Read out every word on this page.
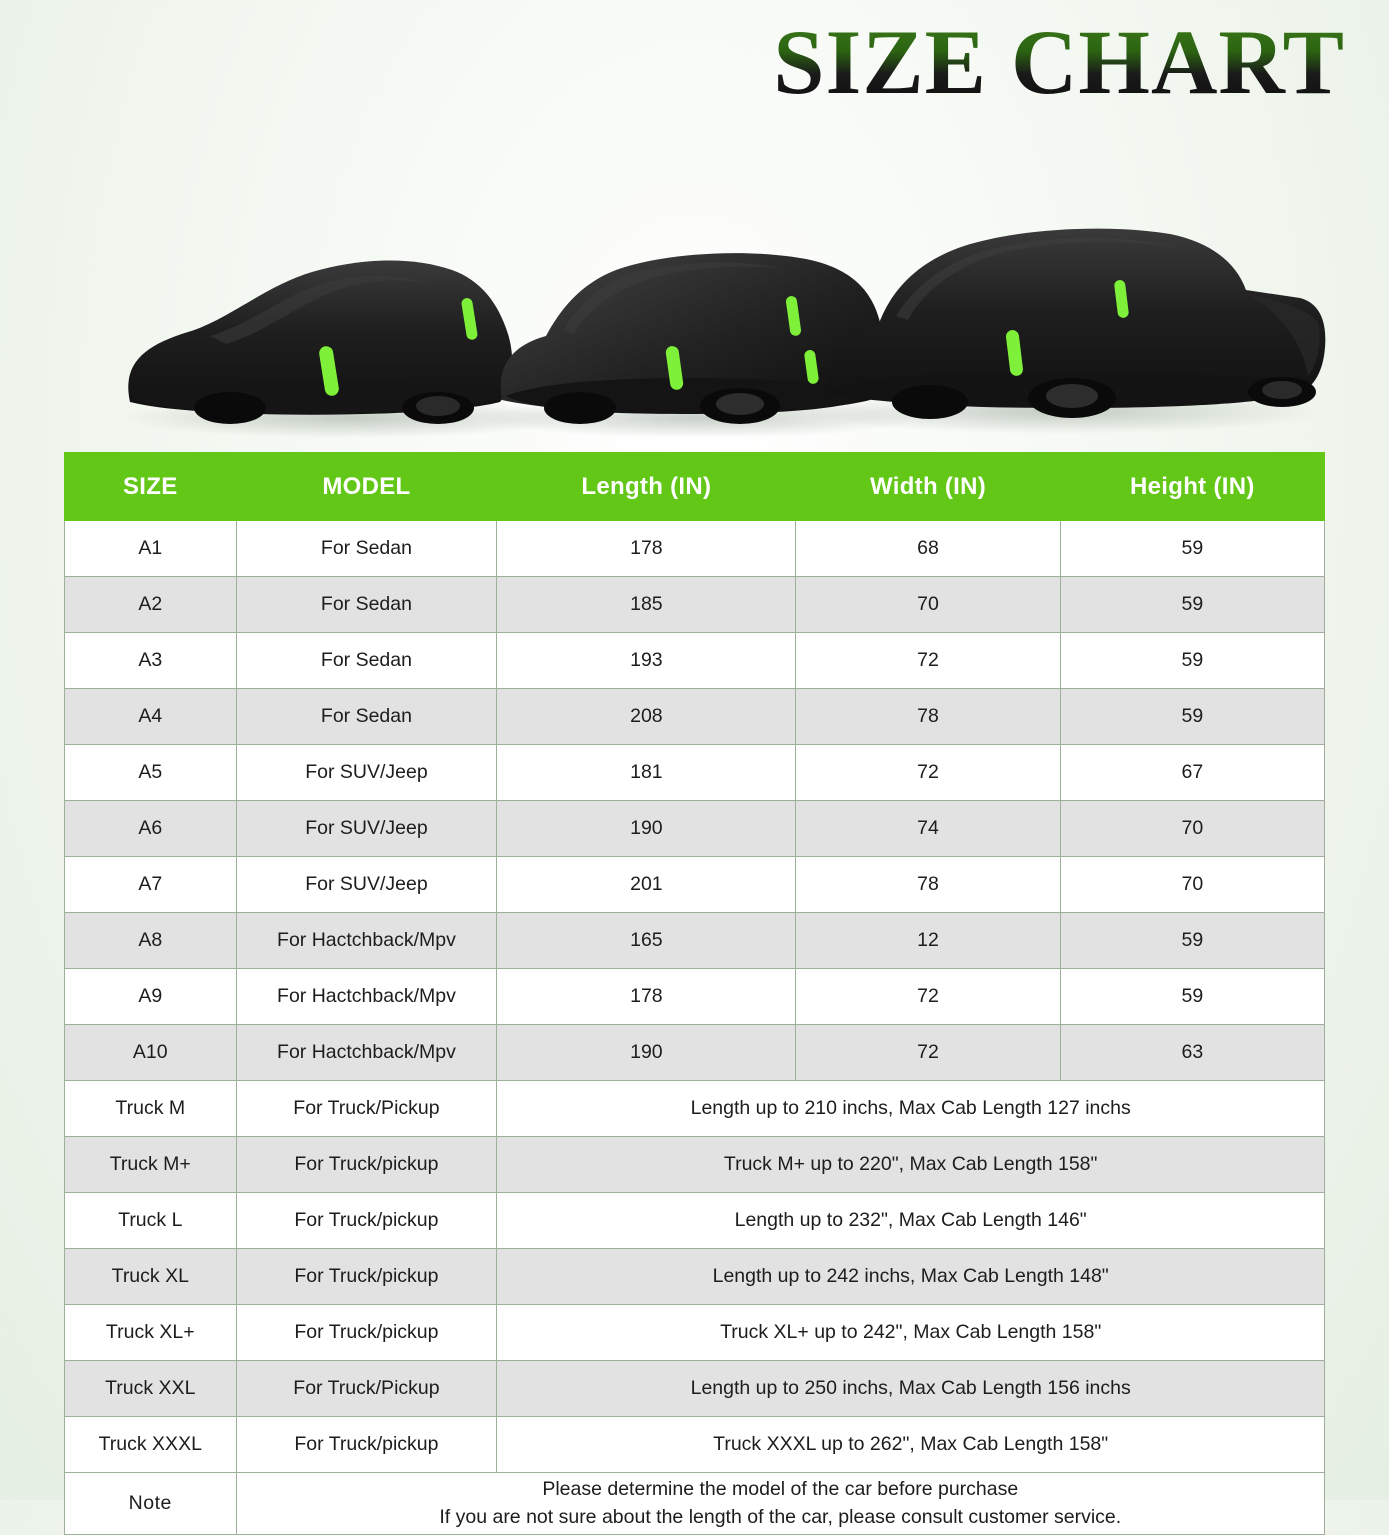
SIZE CHART
SIZE	MODEL	Length (IN)	Width (IN)	Height (IN)
A1	For Sedan	178	68	59
A2	For Sedan	185	70	59
A3	For Sedan	193	72	59
A4	For Sedan	208	78	59
A5	For SUV/Jeep	181	72	67
A6	For SUV/Jeep	190	74	70
A7	For SUV/Jeep	201	78	70
A8	For Hactchback/Mpv	165	12	59
A9	For Hactchback/Mpv	178	72	59
A10	For Hactchback/Mpv	190	72	63
Truck M	For Truck/Pickup	Length up to 210 inchs, Max Cab Length 127 inchs		
Truck M+	For Truck/pickup	Truck M+ up to 220", Max Cab Length 158"		
Truck L	For Truck/pickup	Length up to 232", Max Cab Length 146"		
Truck XL	For Truck/pickup	Length up to 242 inchs, Max Cab Length 148"		
Truck XL+	For Truck/pickup	Truck XL+ up to 242", Max Cab Length 158"		
Truck XXL	For Truck/Pickup	Length up to 250 inchs, Max Cab Length 156 inchs		
Truck XXXL	For Truck/pickup	Truck XXXL up to 262", Max Cab Length 158"		
Note	Please determine the model of the car before purchase
If you are not sure about the length of the car, please consult customer service.			
